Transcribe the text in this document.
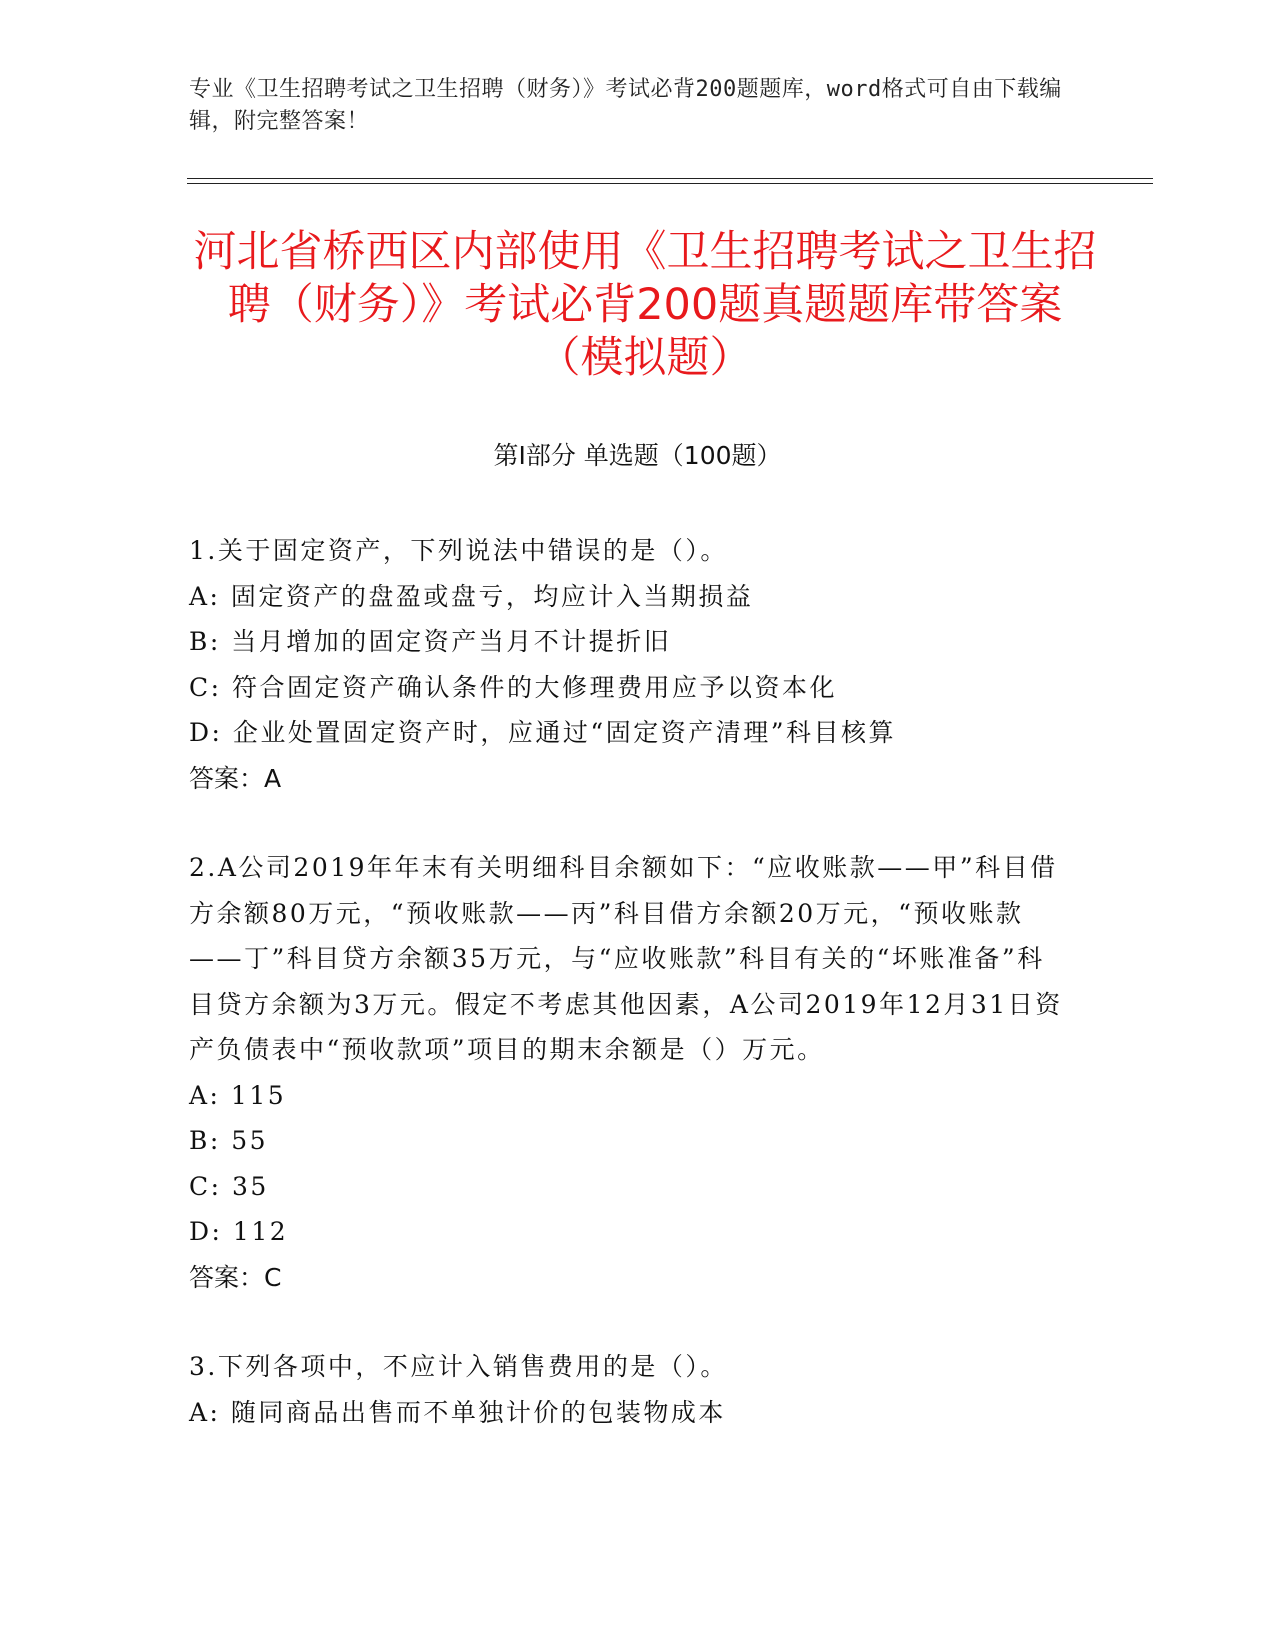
专业《卫生招聘考试之卫生招聘（财务）》考试必背200题题库，word格式可自由下载编辑，附完整答案！
河北省桥西区内部使用《卫生招聘考试之卫生招聘（财务）》考试必背200题真题题库带答案（模拟题）
第Ⅰ部分 单选题（100题）

1.关于固定资产，下列说法中错误的是（）。

A: 固定资产的盘盈或盘亏，均应计入当期损益

B: 当月增加的固定资产当月不计提折旧

C: 符合固定资产确认条件的大修理费用应予以资本化

D: 企业处置固定资产时，应通过“固定资产清理”科目核算

答案：A

2.A公司2019年年末有关明细科目余额如下：“应收账款——甲”科目借方余额80万元，“预收账款——丙”科目借方余额20万元，“预收账款——丁”科目贷方余额35万元，与“应收账款”科目有关的“坏账准备”科目贷方余额为3万元。假定不考虑其他因素，A公司2019年12月31日资产负债表中“预收款项”项目的期末余额是（）万元。

A: 115

B: 55

C: 35

D: 112

答案：C

3.下列各项中，不应计入销售费用的是（）。

A: 随同商品出售而不单独计价的包装物成本
